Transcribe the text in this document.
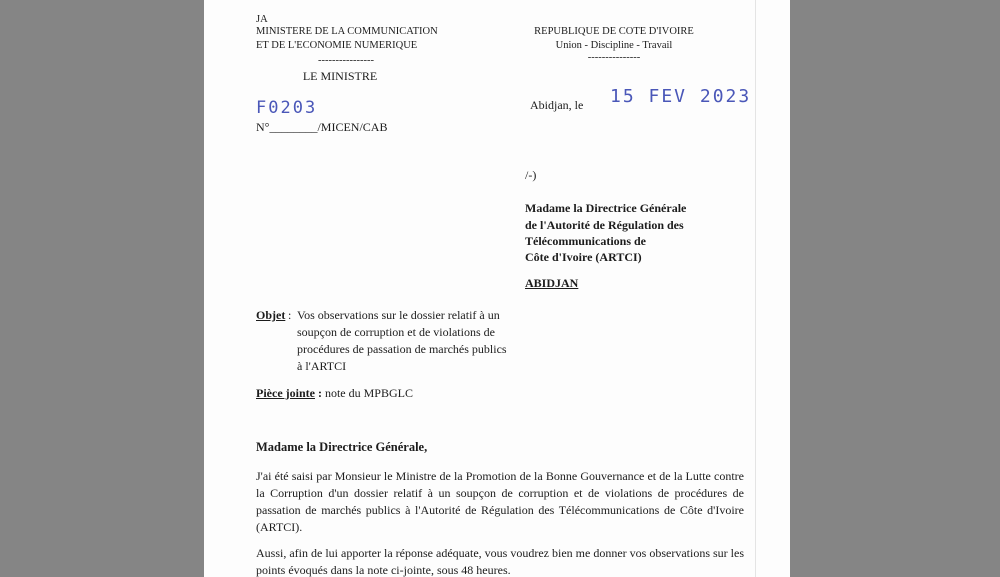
JA
MINISTERE DE LA COMMUNICATION
ET DE L'ECONOMIE NUMERIQUE
----------------
LE MINISTRE
F0203
N°________/MICEN/CAB
REPUBLIQUE DE COTE D'IVOIRE
Union - Discipline - Travail
---------------
Abidjan, le 15 FEV 2023
/-)
Madame la Directrice Générale
de l'Autorité de Régulation des
Télécommunications de
Côte d'Ivoire (ARTCI)
ABIDJAN
Objet : Vos observations sur le dossier relatif à un
soupçon de corruption et de violations de
procédures de passation de marchés publics
à l'ARTCI
Pièce jointe : note du MPBGLC
Madame la Directrice Générale,
J'ai été saisi par Monsieur le Ministre de la Promotion de la Bonne Gouvernance et de la Lutte contre la Corruption d'un dossier relatif à un soupçon de corruption et de violations de procédures de passation de marchés publics à l'Autorité de Régulation des Télécommunications de Côte d'Ivoire (ARTCI).
Aussi, afin de lui apporter la réponse adéquate, vous voudrez bien me donner vos observations sur les points évoqués dans la note ci-jointe, sous 48 heures.
